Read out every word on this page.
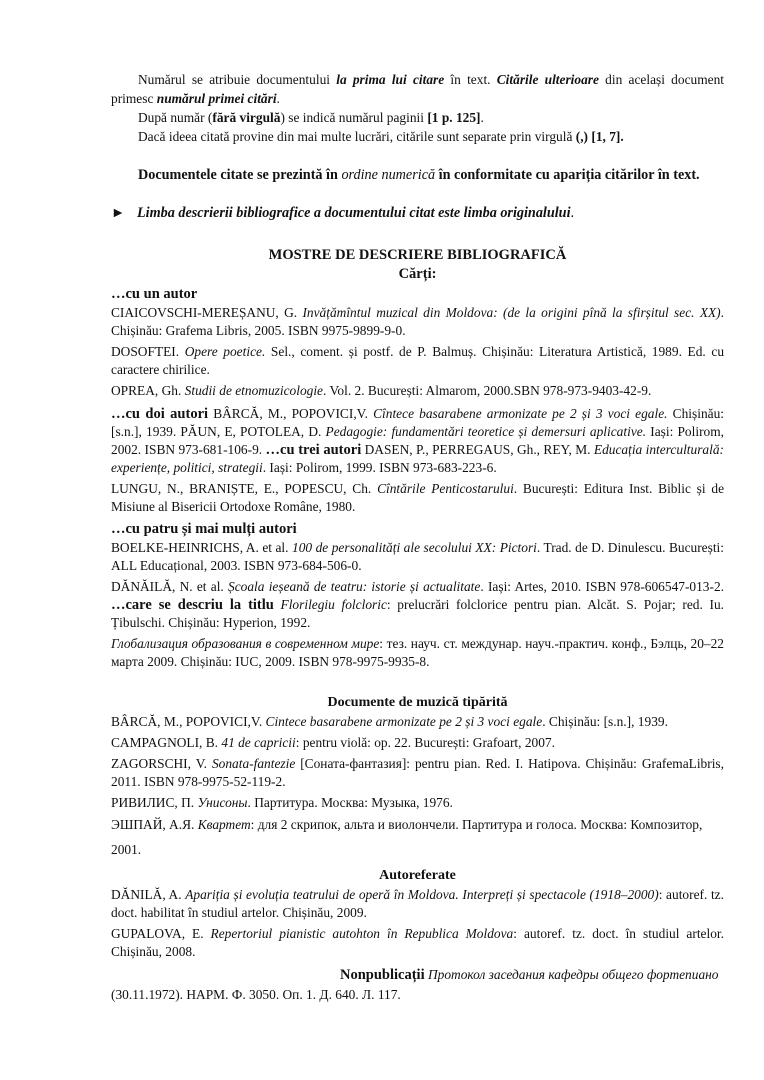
Numărul se atribuie documentului la prima lui citare în text. Citările ulterioare din același document primesc numărul primei citări.

După număr (fără virgulă) se indică numărul paginii [1 p. 125].

Dacă ideea citată provine din mai multe lucrări, citările sunt separate prin virgulă (,) [1, 7].

Documentele citate se prezintă în ordine numerică în conformitate cu apariția citărilor în text.

► Limba descrierii bibliografice a documentului citat este limba originalului.

MOSTRE DE DESCRIERE BIBLIOGRAFICĂ
Cărți:
…cu un autor

CIAICOVSCHI-MEREȘANU, G. Invățămîntul muzical din Moldova: (de la origini pînă la sfirșitul sec. XX). Chișinău: Grafema Libris, 2005. ISBN 9975-9899-9-0.

DOSOFTEI. Opere poetice. Sel., coment. și postf. de P. Balmuș. Chișinău: Literatura Artistică, 1989. Ed. cu caractere chirilice.

OPREA, Gh. Studii de etnomuzicologie. Vol. 2. București: Almarom, 2000.SBN 978-973-9403-42-9.

…cu doi autori BÂRCĂ, M., POPOVICI,V. Cîntece basarabene armonizate pe 2 și 3 voci egale. Chișinău: [s.n.], 1939. PĂUN, E, POTOLEA, D. Pedagogie: fundamentări teoretice și demersuri aplicative. Iași: Polirom, 2002. ISBN 973-681-106-9. …cu trei autori DASEN, P., PERREGAUS, Gh., REY, M. Educația interculturală: experiențe, politici, strategii. Iași: Polirom, 1999. ISBN 973-683-223-6.

LUNGU, N., BRANIȘTE, E., POPESCU, Ch. Cîntările Penticostarului. București: Editura Inst. Biblic și de Misiune al Bisericii Ortodoxe Române, 1980.

…cu patru și mai mulți autori

BOELKE-HEINRICHS, A. et al. 100 de personalități ale secolului XX: Pictori. Trad. de D. Dinulescu. București: ALL Educațional, 2003. ISBN 973-684-506-0.

DĂNĂILĂ, N. et al. Școala ieșeană de teatru: istorie și actualitate. Iași: Artes, 2010. ISBN 978-606547-013-2. …care se descriu la titlu Florilegiu folcloric: prelucrări folclorice pentru pian. Alcăt. S. Pojar; red. Iu. Țibulschi. Chișinău: Hyperion, 1992.

Глобализация образования в современном мире: тез. науч. ст. междунар. науч.-практич. конф., Бэлць, 20–22 марта 2009. Chișinău: IUC, 2009. ISBN 978-9975-9935-8.

Documente de muzică tipărită

BÂRCĂ, M., POPOVICI,V. Cintece basarabene armonizate pe 2 și 3 voci egale. Chișinău: [s.n.], 1939.

CAMPAGNOLI, B. 41 de capricii: pentru violă: op. 22. București: Grafoart, 2007.

ZAGORSCHI, V. Sonata-fantezie [Соната-фантазия]: pentru pian. Red. I. Hatipova. Chișinău: GrafemaLibris, 2011. ISBN 978-9975-52-119-2.

РИВИЛИС, П. Унисоны. Партитура. Москва: Музыка, 1976.

ЭШПАЙ, А.Я. Квартет: для 2 скрипок, альта и виолончели. Партитура и голоса. Москва: Композитор, 2001.

Autoreferate

DĂNILĂ, A. Apariția și evoluția teatrului de operă în Moldova. Interpreți și spectacole (1918–2000): autoref. tz. doct. habilitat în studiul artelor. Chișinău, 2009.

GUPALOVA, E. Repertoriul pianistic autohton în Republica Moldova: autoref. tz. doct. în studiul artelor. Chișinău, 2008.

Nonpublicații Протокол заседания кафедры общего фортепиано (30.11.1972). НАРМ. Ф. 3050. Оп. 1. Д. 640. Л. 117.
